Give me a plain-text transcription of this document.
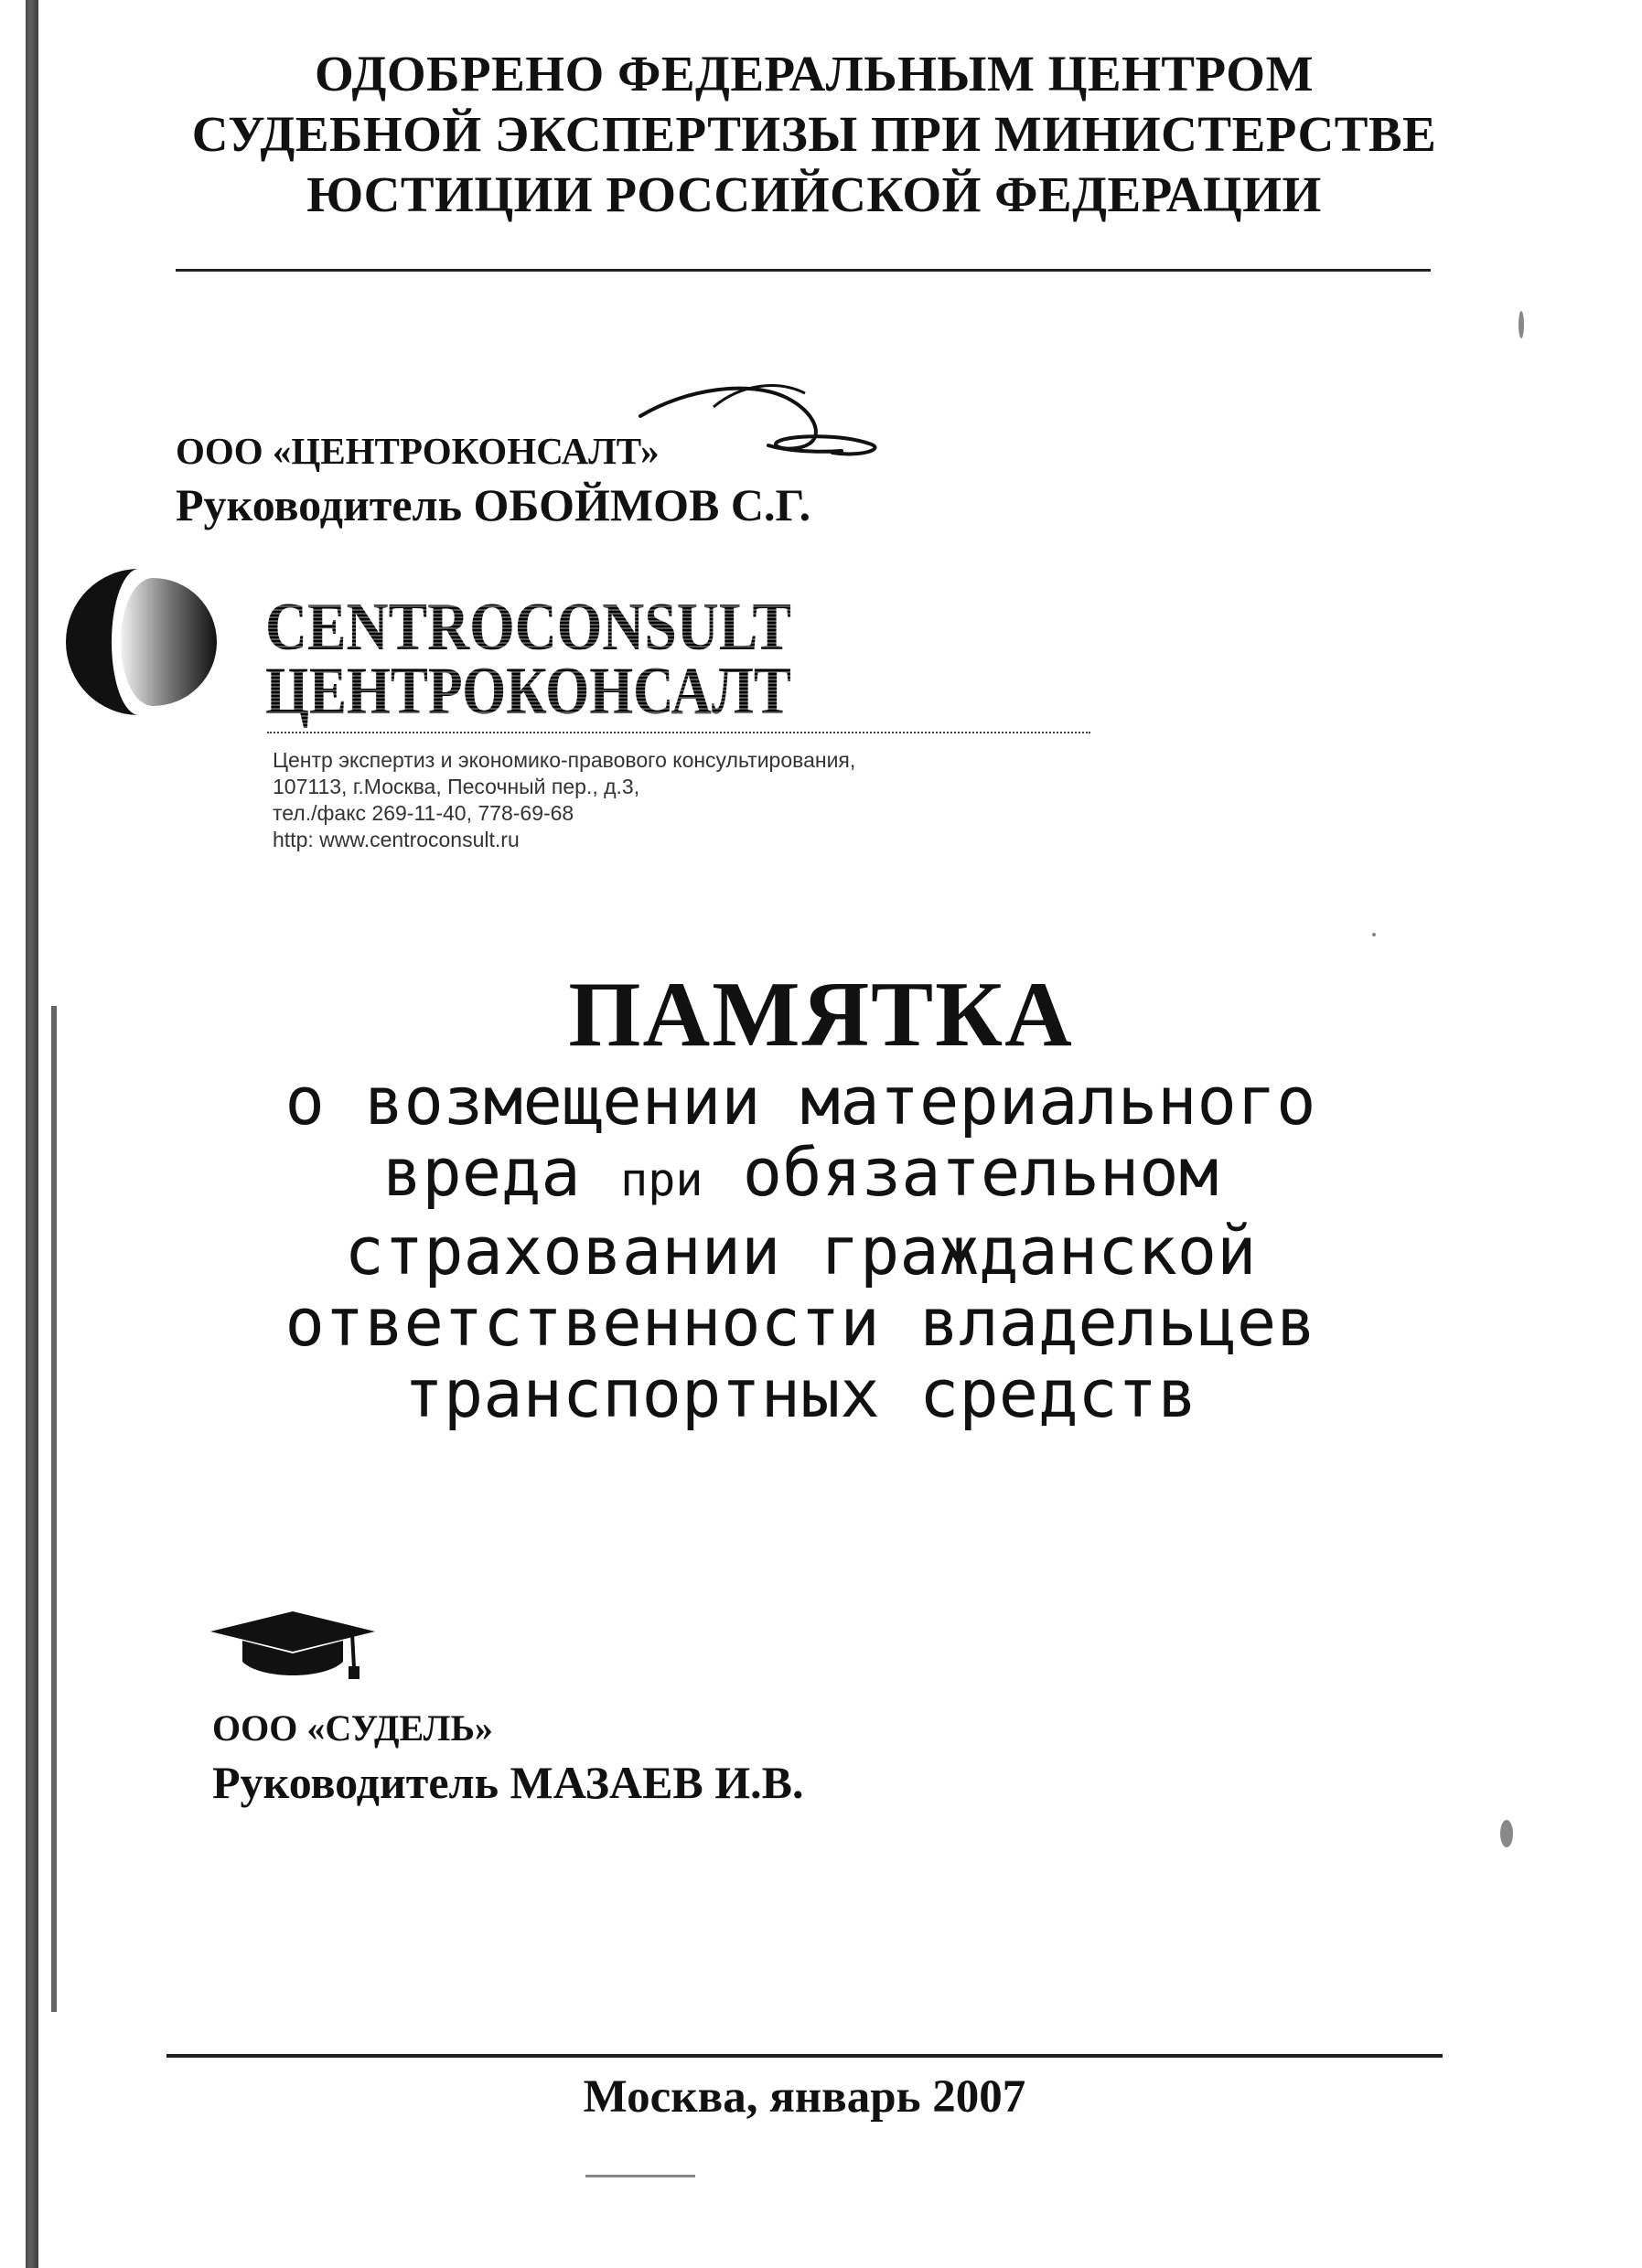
ОДОБРЕНО ФЕДЕРАЛЬНЫМ ЦЕНТРОМ
СУДЕБНОЙ ЭКСПЕРТИЗЫ ПРИ МИНИСТЕРСТВЕ
ЮСТИЦИИ РОССИЙСКОЙ ФЕДЕРАЦИИ
ООО «ЦЕНТРОКОНСАЛТ»
Руководитель ОБОЙМОВ С.Г.
CENTROCONSULT
ЦЕНТРОКОНСАЛТ
Центр экспертиз и экономико-правового консультирования,
107113, г.Москва, Песочный пер., д.3,
тел./факс 269-11-40, 778-69-68
http: www.centroconsult.ru
ПАМЯТКА
о возмещении материального
вреда при обязательном
страховании гражданской
ответственности владельцев
транспортных средств
ООО «СУДЕЛЬ»
Руководитель МАЗАЕВ И.В.
Москва, январь 2007
